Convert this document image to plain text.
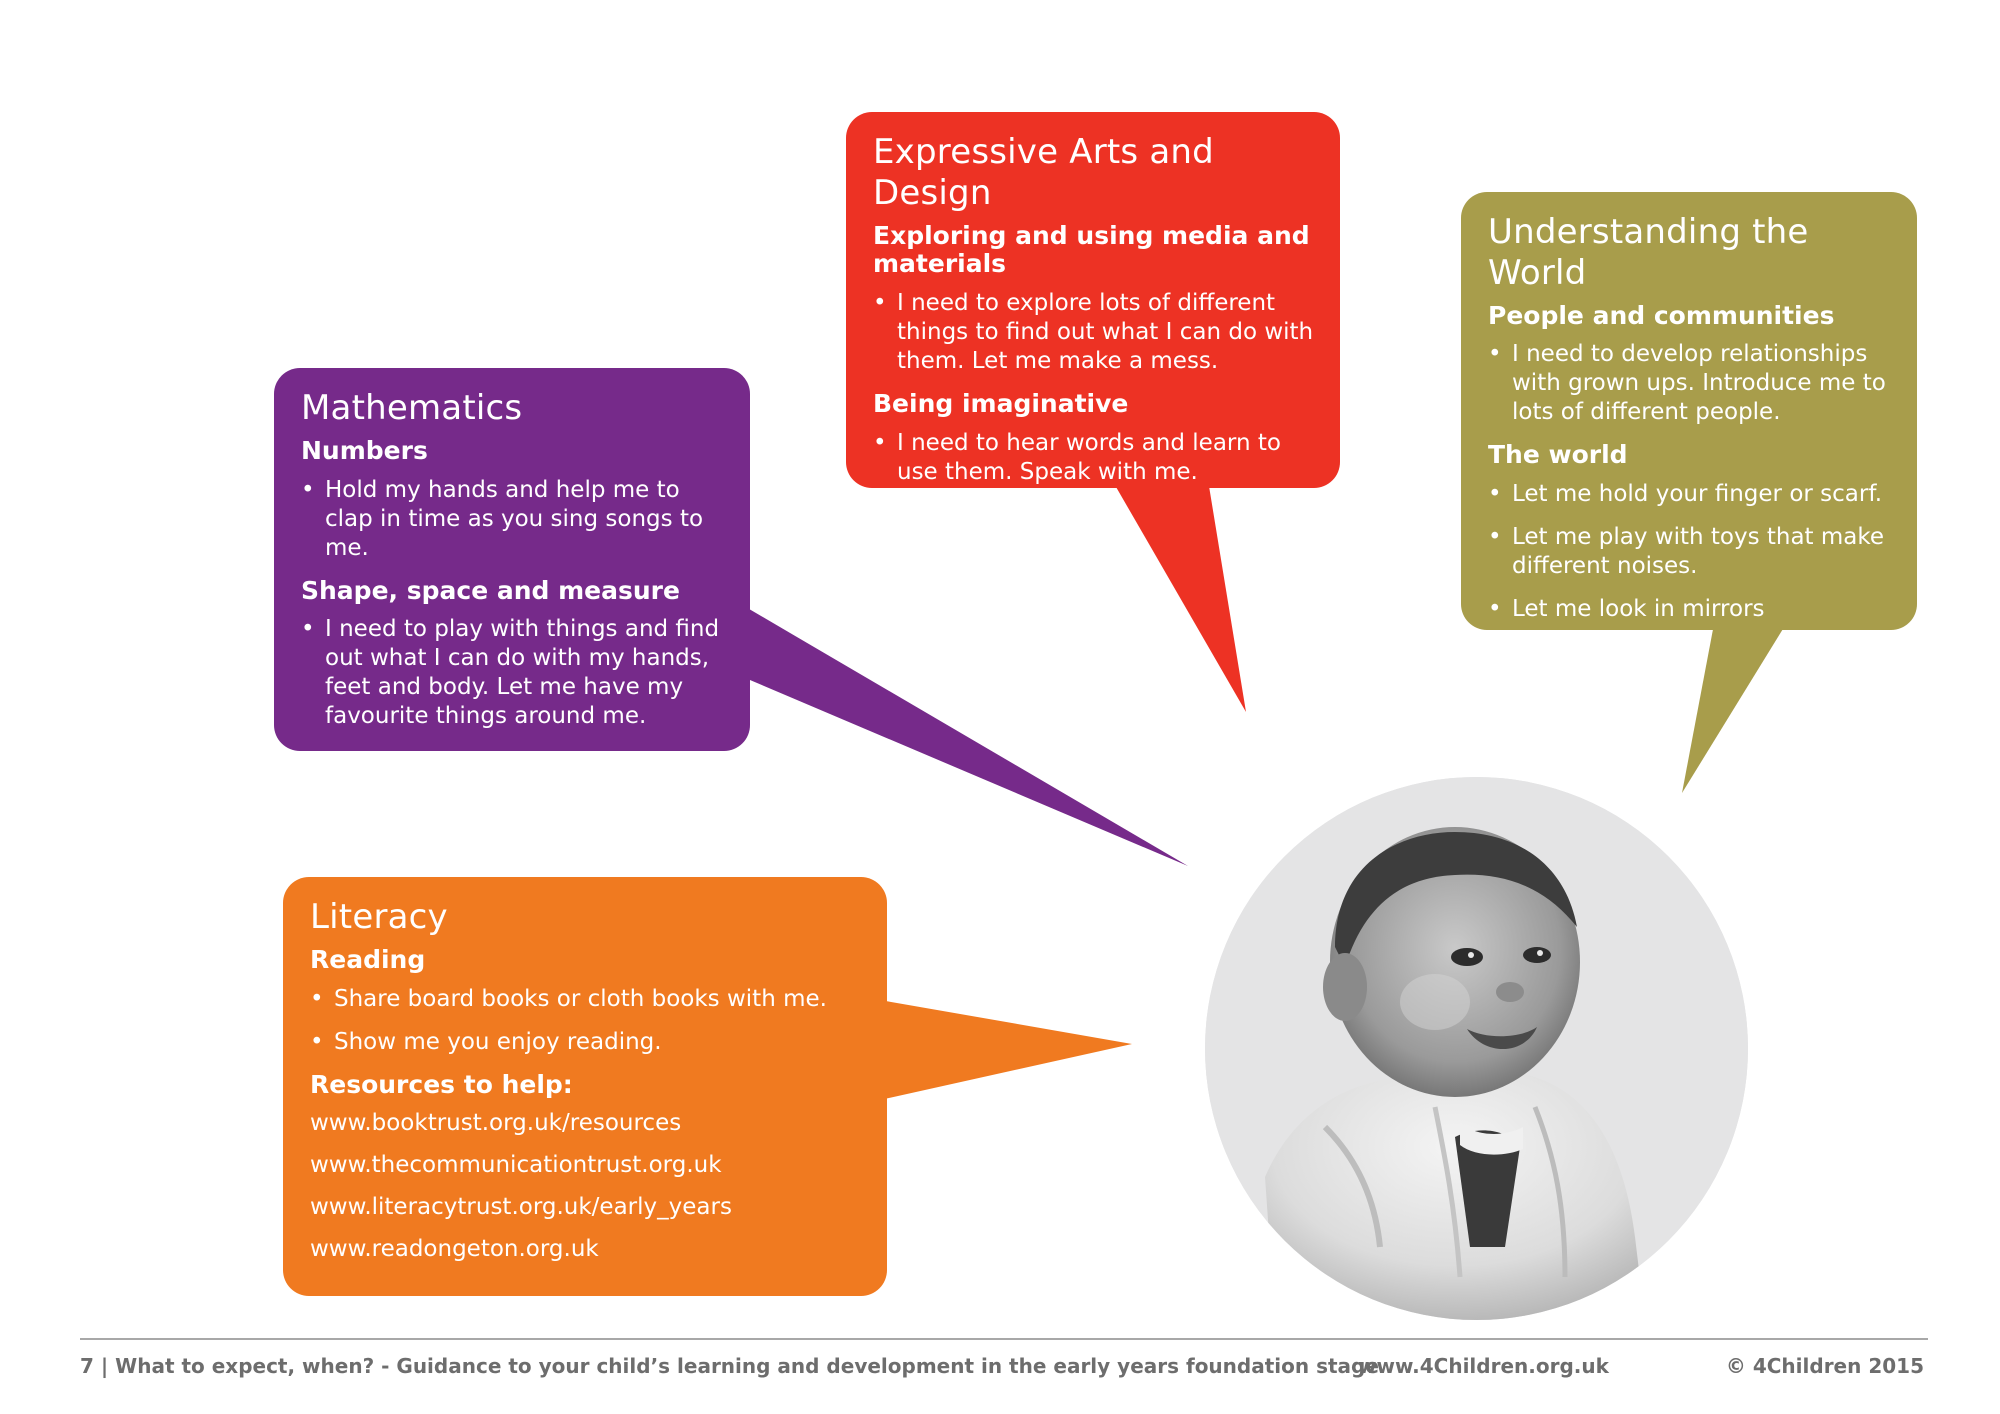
Mathematics
Numbers
• Hold my hands and help me to clap in time as you sing songs to me.
Shape, space and measure
• I need to play with things and find out what I can do with my hands, feet and body. Let me have my favourite things around me.
Expressive Arts and Design
Exploring and using media and materials
• I need to explore lots of different things to find out what I can do with them. Let me make a mess.
Being imaginative
• I need to hear words and learn to use them. Speak with me.
Understanding the World
People and communities
• I need to develop relationships with grown ups. Introduce me to lots of different people.
The world
• Let me hold your finger or scarf.
• Let me play with toys that make different noises.
• Let me look in mirrors
Literacy
Reading
• Share board books or cloth books with me.
• Show me you enjoy reading.
Resources to help:
www.booktrust.org.uk/resources
www.thecommunicationtrust.org.uk
www.literacytrust.org.uk/early_years
www.readongeton.org.uk
7 | What to expect, when? - Guidance to your child’s learning and development in the early years foundation stage
www.4Children.org.uk	© 4Children 2015
